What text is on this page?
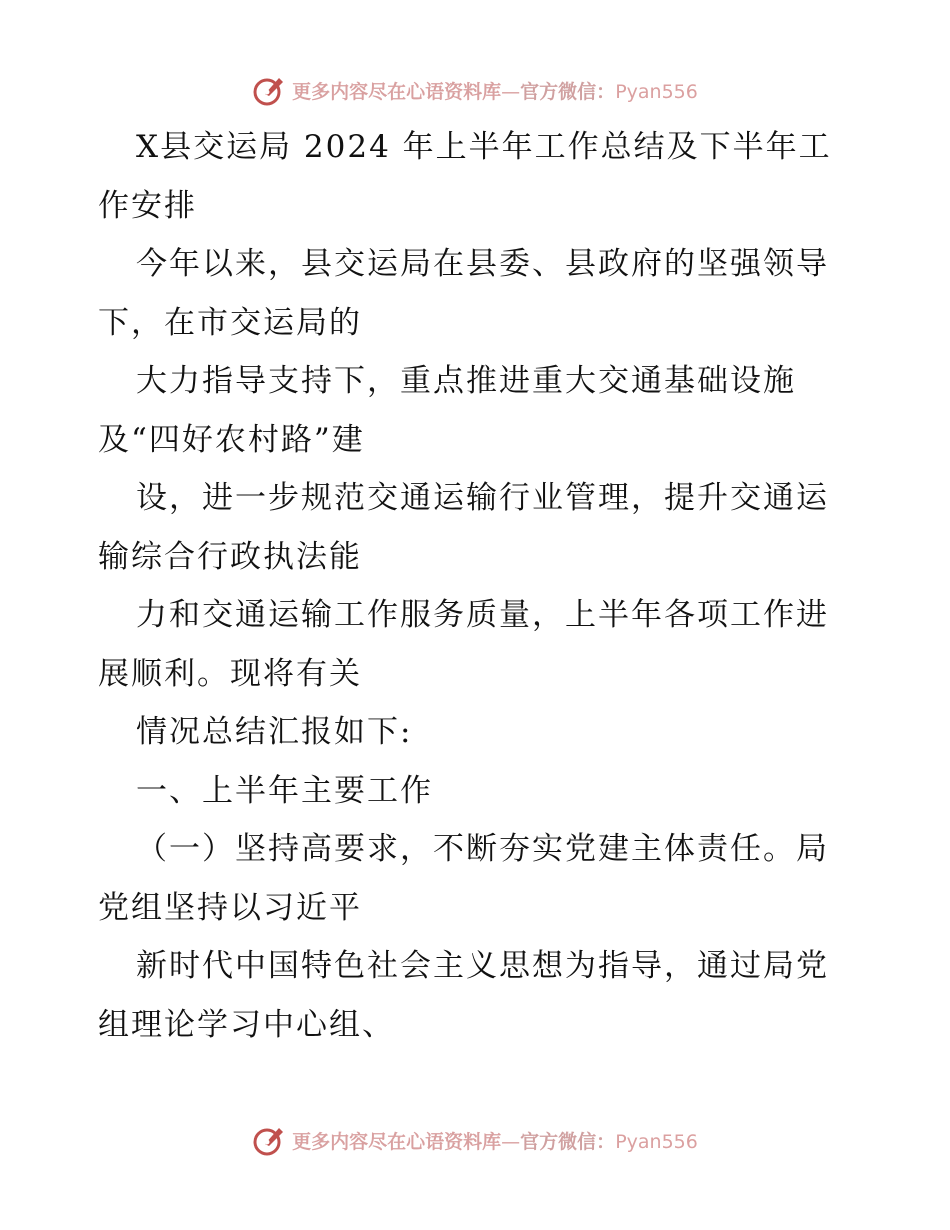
更多内容尽在心语资料库—官方微信：Pyan556
X县交运局 2024 年上半年工作总结及下半年工
作安排
今年以来，县交运局在县委、县政府的坚强领导
下，在市交运局的
大力指导支持下，重点推进重大交通基础设施
及“四好农村路”建
设，进一步规范交通运输行业管理，提升交通运
输综合行政执法能
力和交通运输工作服务质量，上半年各项工作进
展顺利。现将有关
情况总结汇报如下:
一、上半年主要工作
（一）坚持高要求，不断夯实党建主体责任。局
党组坚持以习近平
新时代中国特色社会主义思想为指导，通过局党
组理论学习中心组、
更多内容尽在心语资料库—官方微信：Pyan556
